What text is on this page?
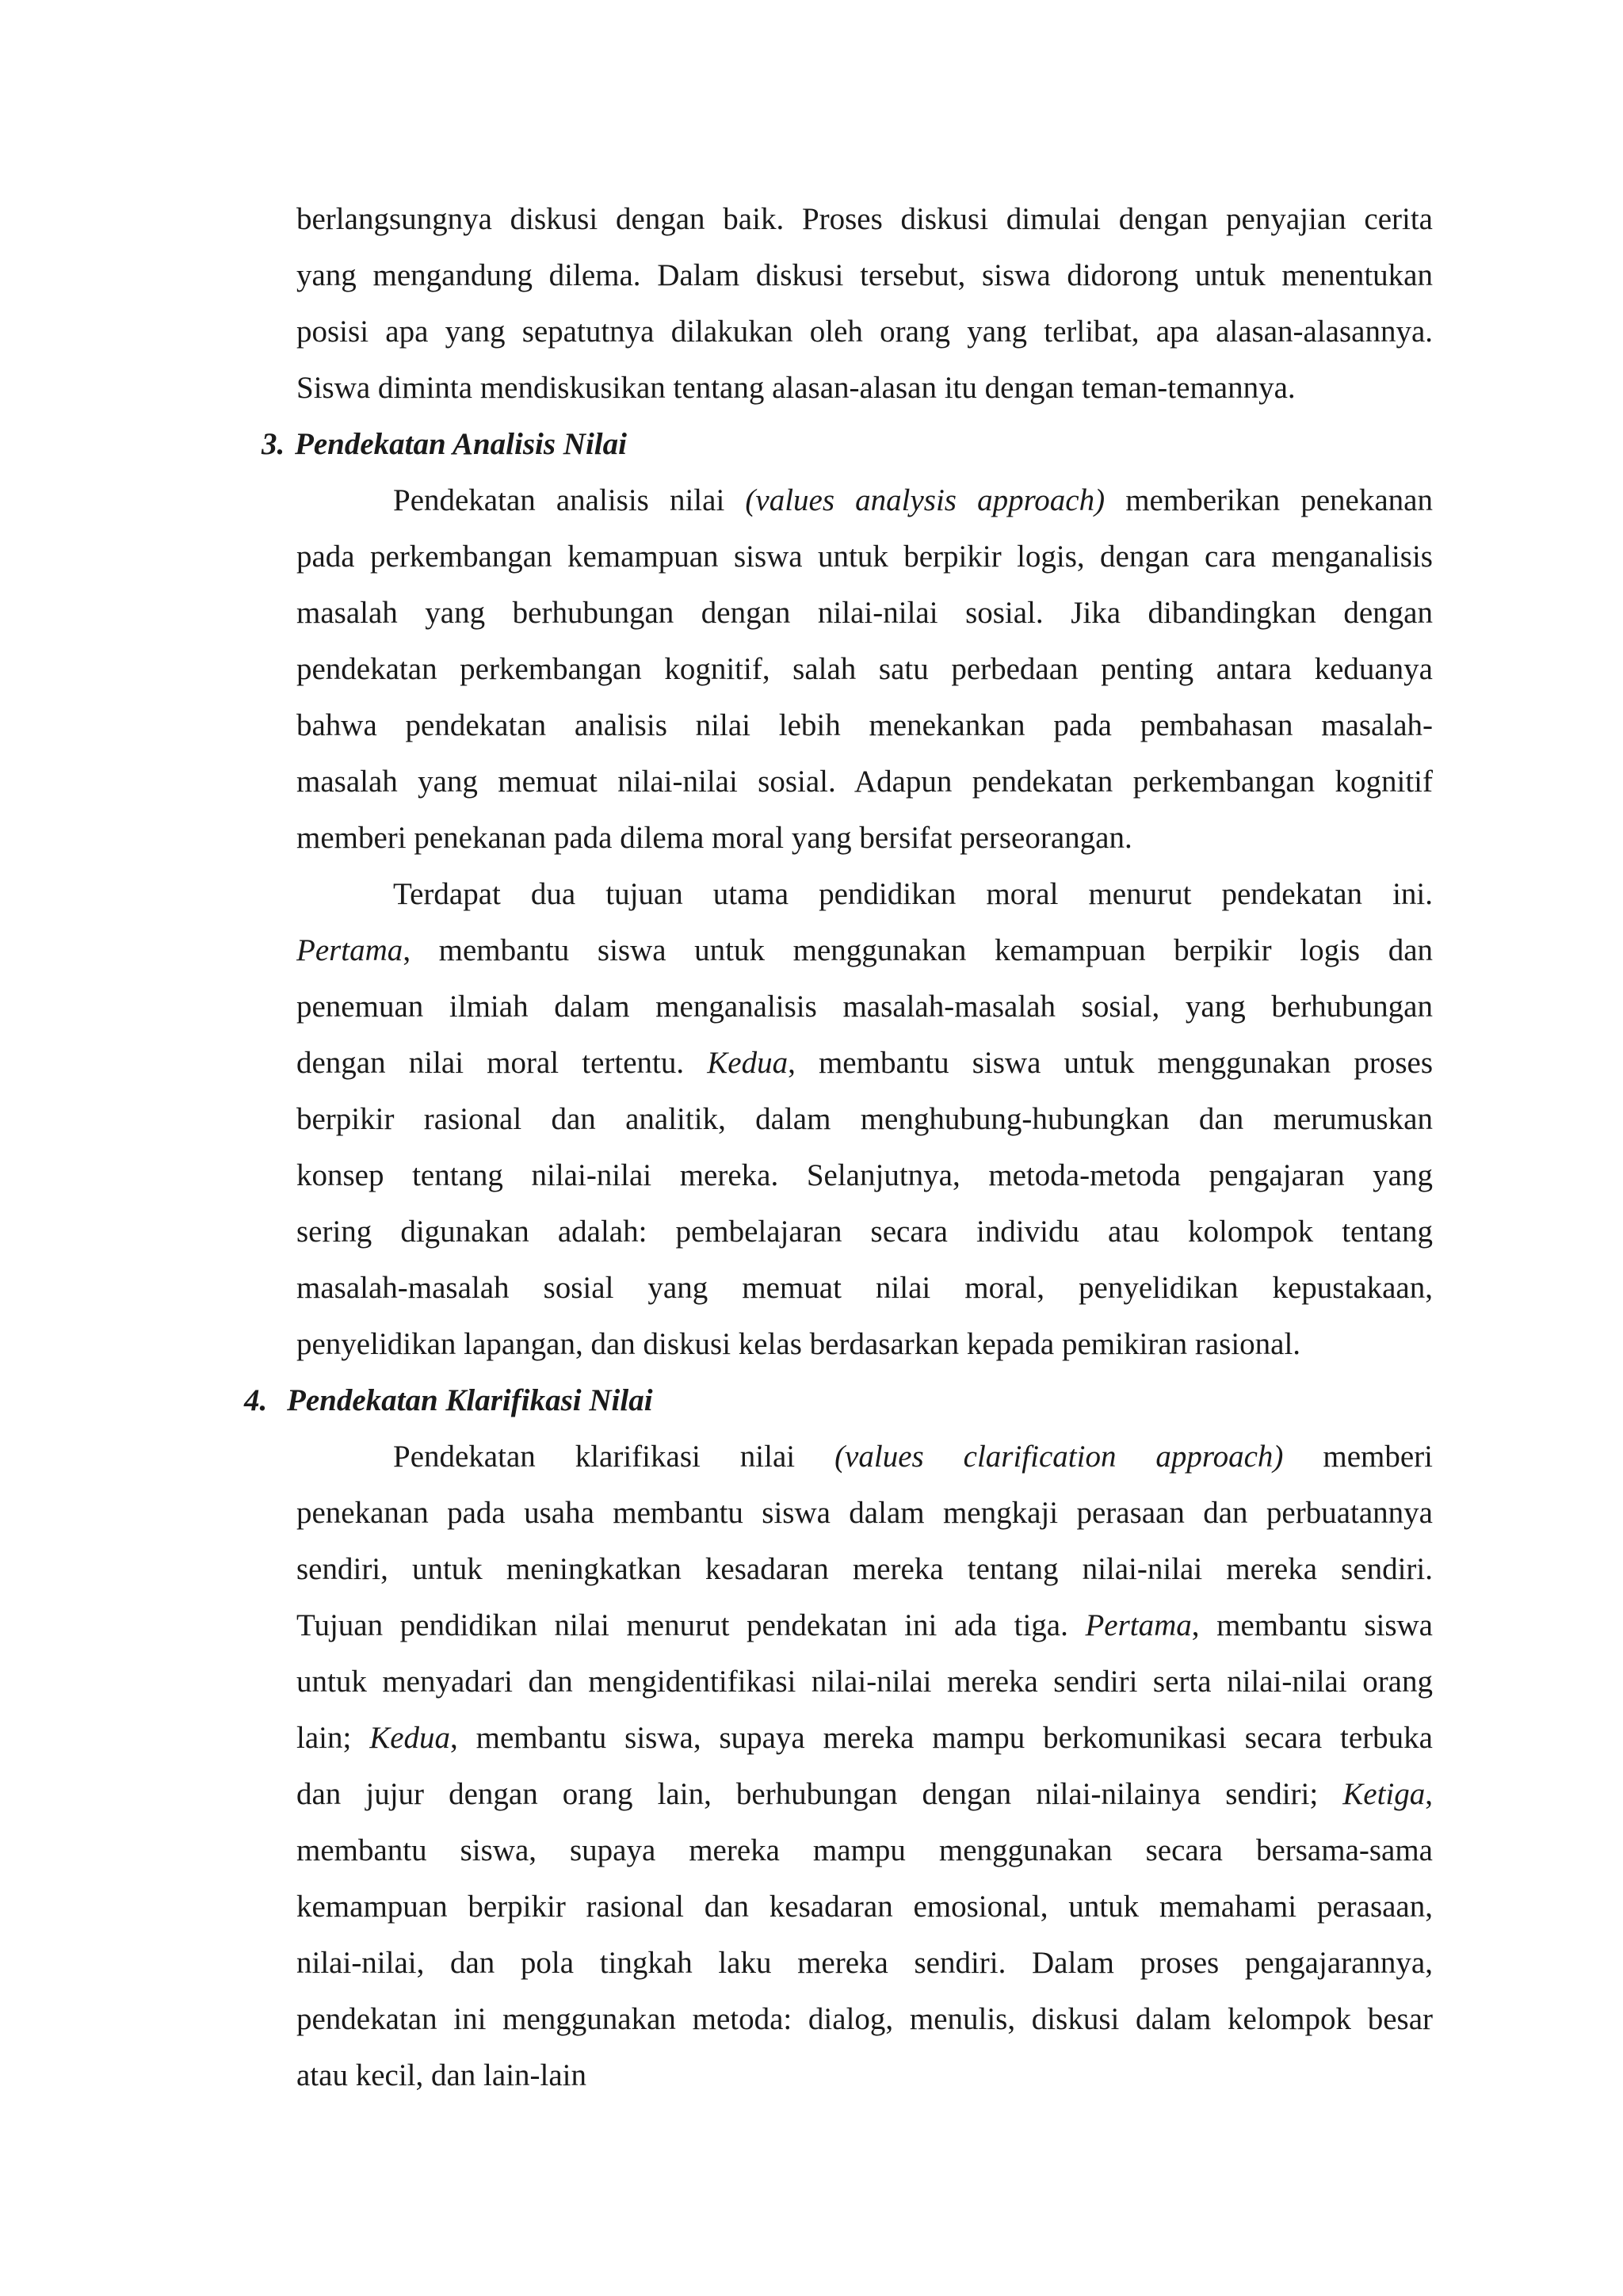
berlangsungnya diskusi dengan baik. Proses diskusi dimulai dengan penyajian cerita
yang mengandung dilema. Dalam diskusi tersebut, siswa didorong untuk menentukan
posisi apa yang sepatutnya dilakukan oleh orang yang terlibat, apa alasan-alasannya.
Siswa diminta mendiskusikan tentang alasan-alasan itu dengan teman-temannya.
3. Pendekatan Analisis Nilai
Pendekatan analisis nilai (values analysis approach) memberikan penekanan
pada perkembangan kemampuan siswa untuk berpikir logis, dengan cara menganalisis
masalah yang berhubungan dengan nilai-nilai sosial. Jika dibandingkan dengan
pendekatan perkembangan kognitif, salah satu perbedaan penting antara keduanya
bahwa pendekatan analisis nilai lebih menekankan pada pembahasan masalah-
masalah yang memuat nilai-nilai sosial. Adapun pendekatan perkembangan kognitif
memberi penekanan pada dilema moral yang bersifat perseorangan.
Terdapat dua tujuan utama pendidikan moral menurut pendekatan ini.
Pertama, membantu siswa untuk menggunakan kemampuan berpikir logis dan
penemuan ilmiah dalam menganalisis masalah-masalah sosial, yang berhubungan
dengan nilai moral tertentu. Kedua, membantu siswa untuk menggunakan proses
berpikir rasional dan analitik, dalam menghubung-hubungkan dan merumuskan
konsep tentang nilai-nilai mereka. Selanjutnya, metoda-metoda pengajaran yang
sering digunakan adalah: pembelajaran secara individu atau kolompok tentang
masalah-masalah sosial yang memuat nilai moral, penyelidikan kepustakaan,
penyelidikan lapangan, dan diskusi kelas berdasarkan kepada pemikiran rasional.
4. Pendekatan Klarifikasi Nilai
Pendekatan klarifikasi nilai (values clarification approach) memberi
penekanan pada usaha membantu siswa dalam mengkaji perasaan dan perbuatannya
sendiri, untuk meningkatkan kesadaran mereka tentang nilai-nilai mereka sendiri.
Tujuan pendidikan nilai menurut pendekatan ini ada tiga. Pertama, membantu siswa
untuk menyadari dan mengidentifikasi nilai-nilai mereka sendiri serta nilai-nilai orang
lain; Kedua, membantu siswa, supaya mereka mampu berkomunikasi secara terbuka
dan jujur dengan orang lain, berhubungan dengan nilai-nilainya sendiri; Ketiga,
membantu siswa, supaya mereka mampu menggunakan secara bersama-sama
kemampuan berpikir rasional dan kesadaran emosional, untuk memahami perasaan,
nilai-nilai, dan pola tingkah laku mereka sendiri. Dalam proses pengajarannya,
pendekatan ini menggunakan metoda: dialog, menulis, diskusi dalam kelompok besar
atau kecil, dan lain-lain
